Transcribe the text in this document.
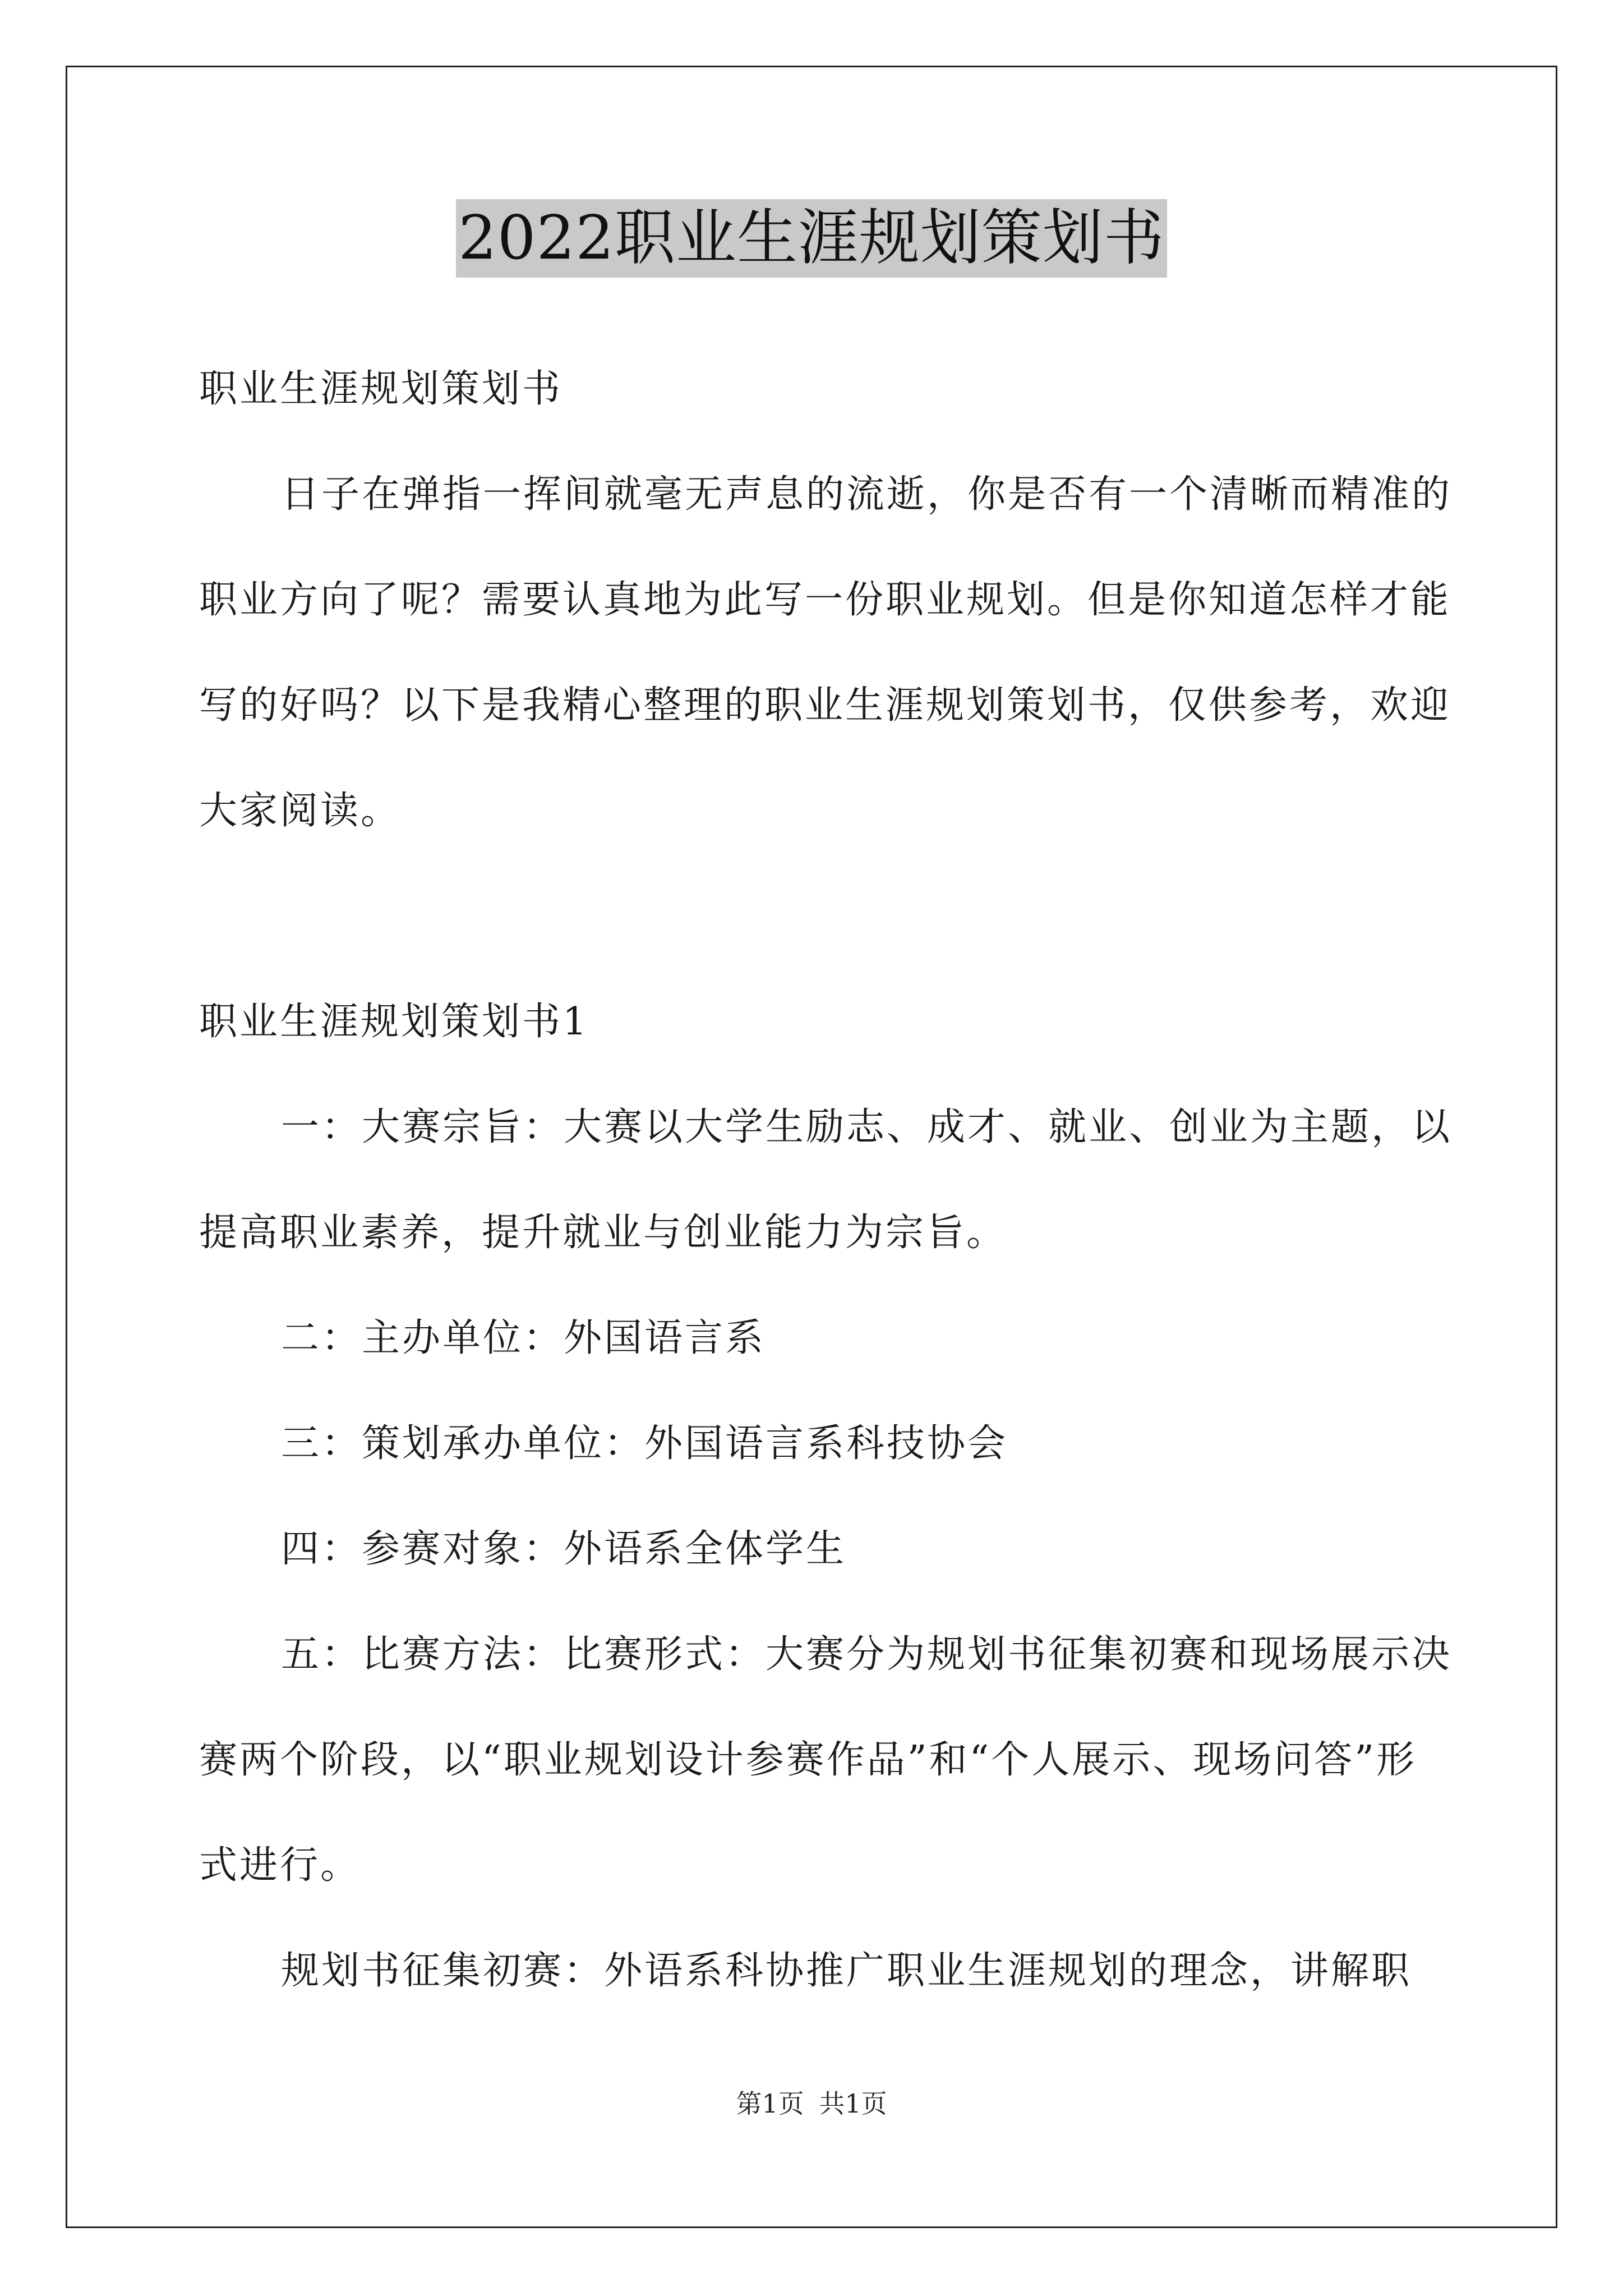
2022职业生涯规划策划书

职业生涯规划策划书

日子在弹指一挥间就毫无声息的流逝，你是否有一个清晰而精准的职业方向了呢？需要认真地为此写一份职业规划。但是你知道怎样才能写的好吗？以下是我精心整理的职业生涯规划策划书，仅供参考，欢迎大家阅读。

职业生涯规划策划书1

一：大赛宗旨：大赛以大学生励志、成才、就业、创业为主题，以提高职业素养，提升就业与创业能力为宗旨。

二：主办单位：外国语言系

三：策划承办单位：外国语言系科技协会

四：参赛对象：外语系全体学生

五：比赛方法：比赛形式：大赛分为规划书征集初赛和现场展示决赛两个阶段，以“职业规划设计参赛作品”和“个人展示、现场问答”形式进行。

规划书征集初赛：外语系科协推广职业生涯规划的理念，讲解职

第1页 共1页
